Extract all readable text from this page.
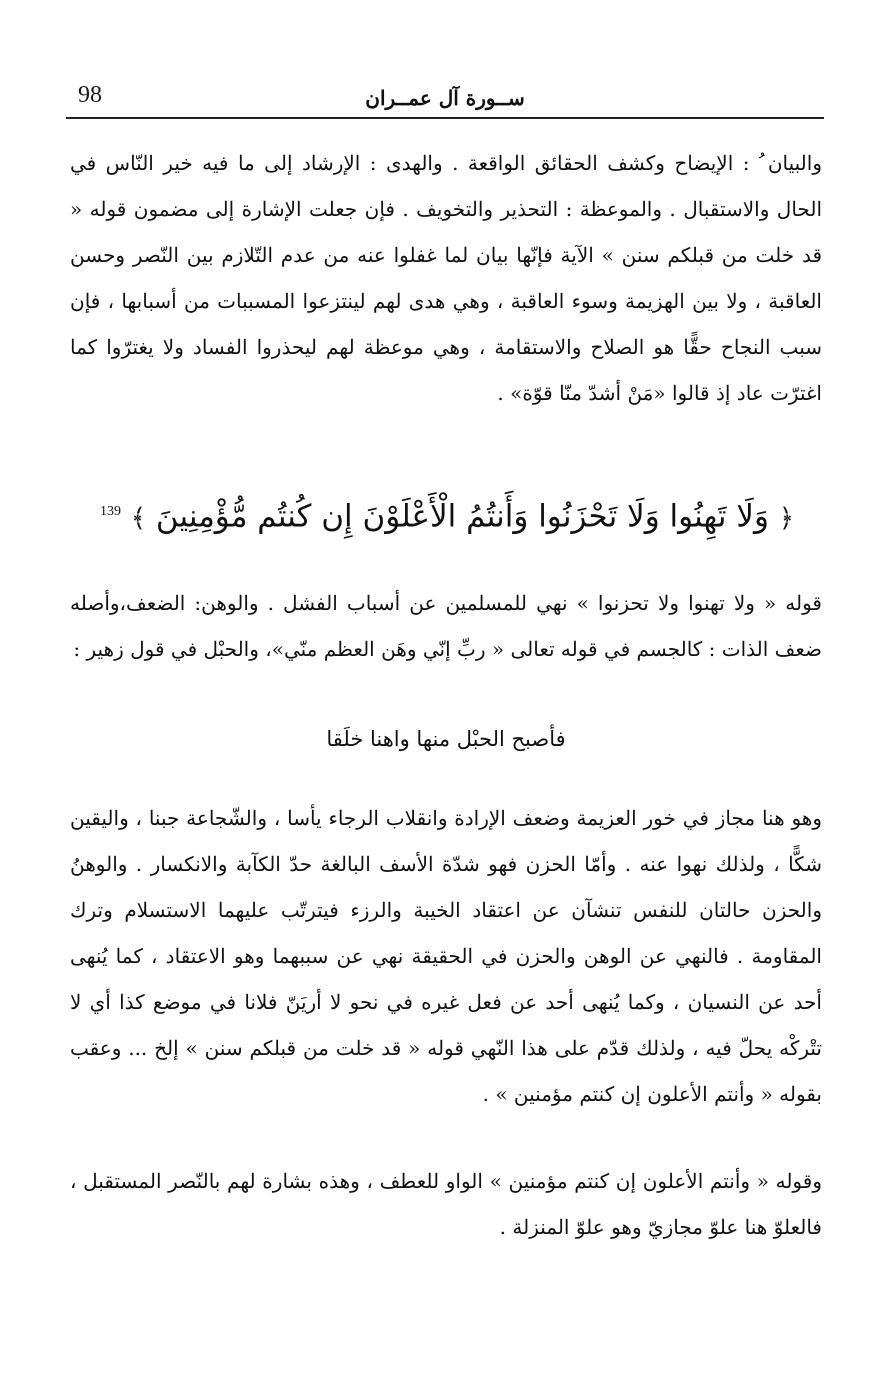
98	ســورة آل عمــران

والبيان ُ : الإيضاح وكشف الحقائق الواقعة . والهدى : الإرشاد إلى ما فيه خير النّاس في الحال والاستقبال . والموعظة : التحذير والتخويف . فإن جعلت الإشارة إلى مضمون قوله « قد خلت من قبلكم سنن » الآية فإنّها بيان لما غفلوا عنه من عدم التّلازم بين النّصر وحسن العاقبة ، ولا بين الهزيمة وسوء العاقبة ، وهي هدى لهم لينتزعوا المسببات من أسبابها ، فإن سبب النجاح حقًّا هو الصلاح والاستقامة ، وهي موعظة لهم ليحذروا الفساد ولا يغترّوا كما اغترّت عاد إذ قالوا «مَنْ أشدّ منّا قوّة» .

﴿ وَلَا تَهِنُوا وَلَا تَحْزَنُوا وَأَنتُمُ الْأَعْلَوْنَ إِن كُنتُم مُّؤْمِنِينَ ﴾ 139

قوله « ولا تهنوا ولا تحزنوا » نهي للمسلمين عن أسباب الفشل . والوهن: الضعف،وأصله ضعف الذات : كالجسم في قوله تعالى « ربِّ إنّي وهَن العظم منّي»، والحبْل في قول زهير :

فأصبح الحبْل منها واهنا خلَقا

وهو هنا مجاز في خور العزيمة وضعف الإرادة وانقلاب الرجاء يأسا ، والشّجاعة جبنا ، واليقين شكًّا ، ولذلك نهوا عنه . وأمّا الحزن فهو شدّة الأسف البالغة حدّ الكآبة والانكسار . والوهنُ والحزن حالتان للنفس تنشآن عن اعتقاد الخيبة والرزء فيترتّب عليهما الاستسلام وترك المقاومة . فالنهي عن الوهن والحزن في الحقيقة نهي عن سببهما وهو الاعتقاد ، كما يُنهى أحد عن النسيان ، وكما يُنهى أحد عن فعل غيره في نحو لا أريَنّ فلانا في موضع كذا أي لا تتْركْه يحلّ فيه ، ولذلك قدّم على هذا النّهي قوله « قد خلت من قبلكم سنن » إلخ ... وعقب بقوله « وأنتم الأعلون إن كنتم مؤمنين » .

وقوله « وأنتم الأعلون إن كنتم مؤمنين » الواو للعطف ، وهذه بشارة لهم بالنّصر المستقبل ، فالعلوّ هنا علوّ مجازيّ وهو علوّ المنزلة .
